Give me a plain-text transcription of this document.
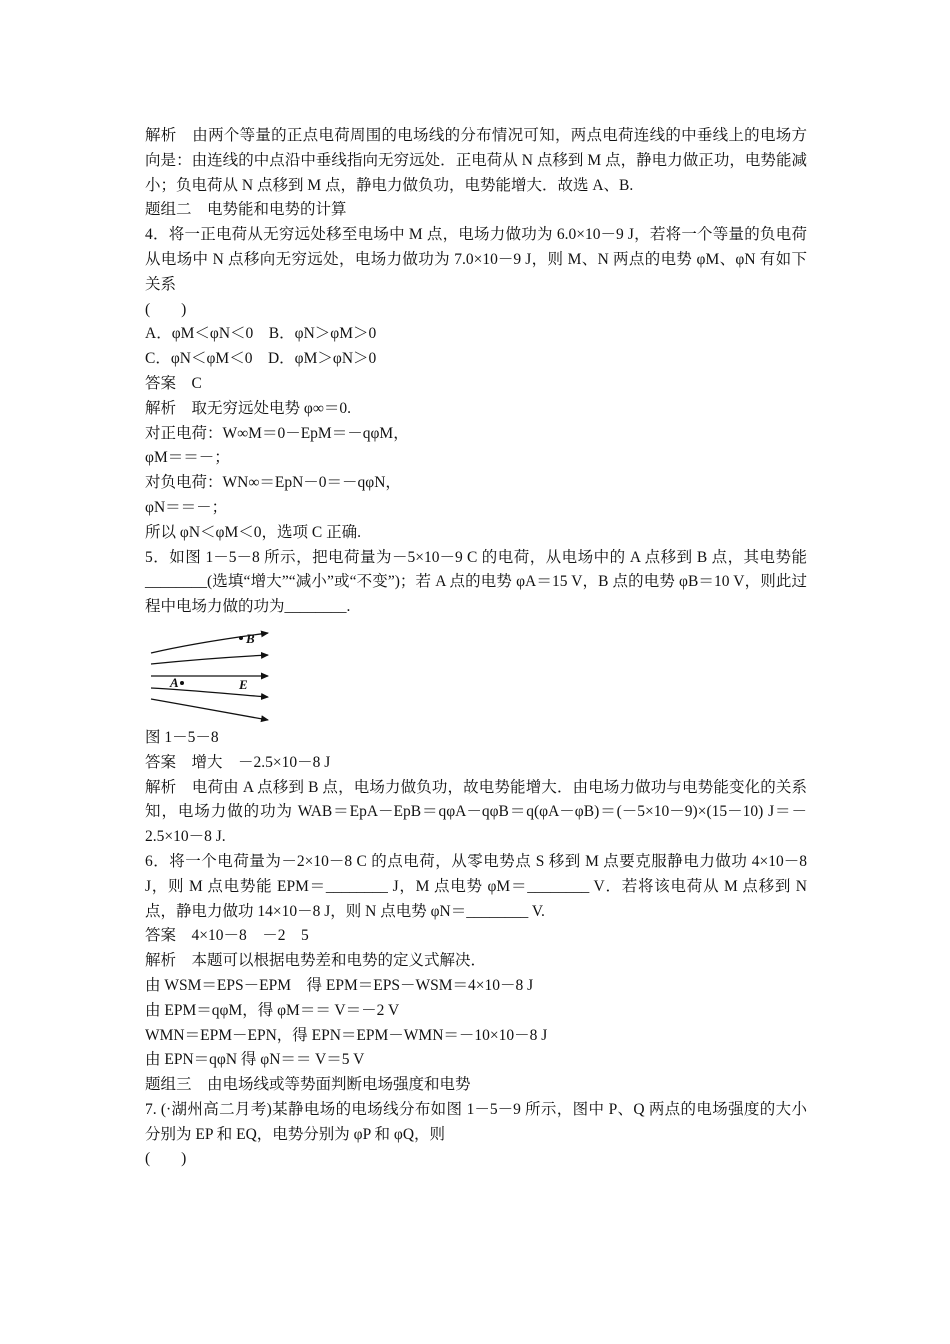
解析　由两个等量的正点电荷周围的电场线的分布情况可知，两点电荷连线的中垂线上的电场方向是：由连线的中点沿中垂线指向无穷远处．正电荷从 N 点移到 M 点，静电力做正功，电势能减小；负电荷从 N 点移到 M 点，静电力做负功，电势能增大．故选 A、B.

题组二　电势能和电势的计算

4．将一正电荷从无穷远处移至电场中 M 点，电场力做功为 6.0×10－9 J，若将一个等量的负电荷从电场中 N 点移向无穷远处，电场力做功为 7.0×10－9 J，则 M、N 两点的电势 φM、φN 有如下关系

(　　)

A．φM＜φN＜0　B．φN＞φM＞0

C．φN＜φM＜0　D．φM＞φN＞0

答案　C

解析　取无穷远处电势 φ∞＝0.

对正电荷：W∞M＝0－EpM＝－qφM，

φM＝＝－；

对负电荷：WN∞＝EpN－0＝－qφN，

φN＝＝－；

所以 φN＜φM＜0，选项 C 正确.

5．如图 1－5－8 所示，把电荷量为－5×10－9 C 的电荷，从电场中的 A 点移到 B 点，其电势能________(选填“增大”“减小”或“不变”)；若 A 点的电势 φA＝15 V，B 点的电势 φB＝10 V，则此过程中电场力做的功为________.

B
A	E

图 1－5－8

答案　增大　－2.5×10－8 J

解析　电荷由 A 点移到 B 点，电场力做负功，故电势能增大．由电场力做功与电势能变化的关系知，电场力做的功为 WAB＝EpA－EpB＝qφA－qφB＝q(φA－φB)＝(－5×10－9)×(15－10) J＝－2.5×10－8 J.

6．将一个电荷量为－2×10－8 C 的点电荷，从零电势点 S 移到 M 点要克服静电力做功 4×10－8 J，则 M 点电势能 EPM＝________ J，M 点电势 φM＝________ V．若将该电荷从 M 点移到 N 点，静电力做功 14×10－8 J，则 N 点电势 φN＝________ V.

答案　4×10－8　－2　5

解析　本题可以根据电势差和电势的定义式解决．

由 WSM＝EPS－EPM　得 EPM＝EPS－WSM＝4×10－8 J

由 EPM＝qφM，得 φM＝＝ V＝－2 V

WMN＝EPM－EPN，得 EPN＝EPM－WMN＝－10×10－8 J

由 EPN＝qφN 得 φN＝＝ V＝5 V

题组三　由电场线或等势面判断电场强度和电势

7. (·湖州高二月考)某静电场的电场线分布如图 1－5－9 所示，图中 P、Q 两点的电场强度的大小分别为 EP 和 EQ，电势分别为 φP 和 φQ，则

(　　)
